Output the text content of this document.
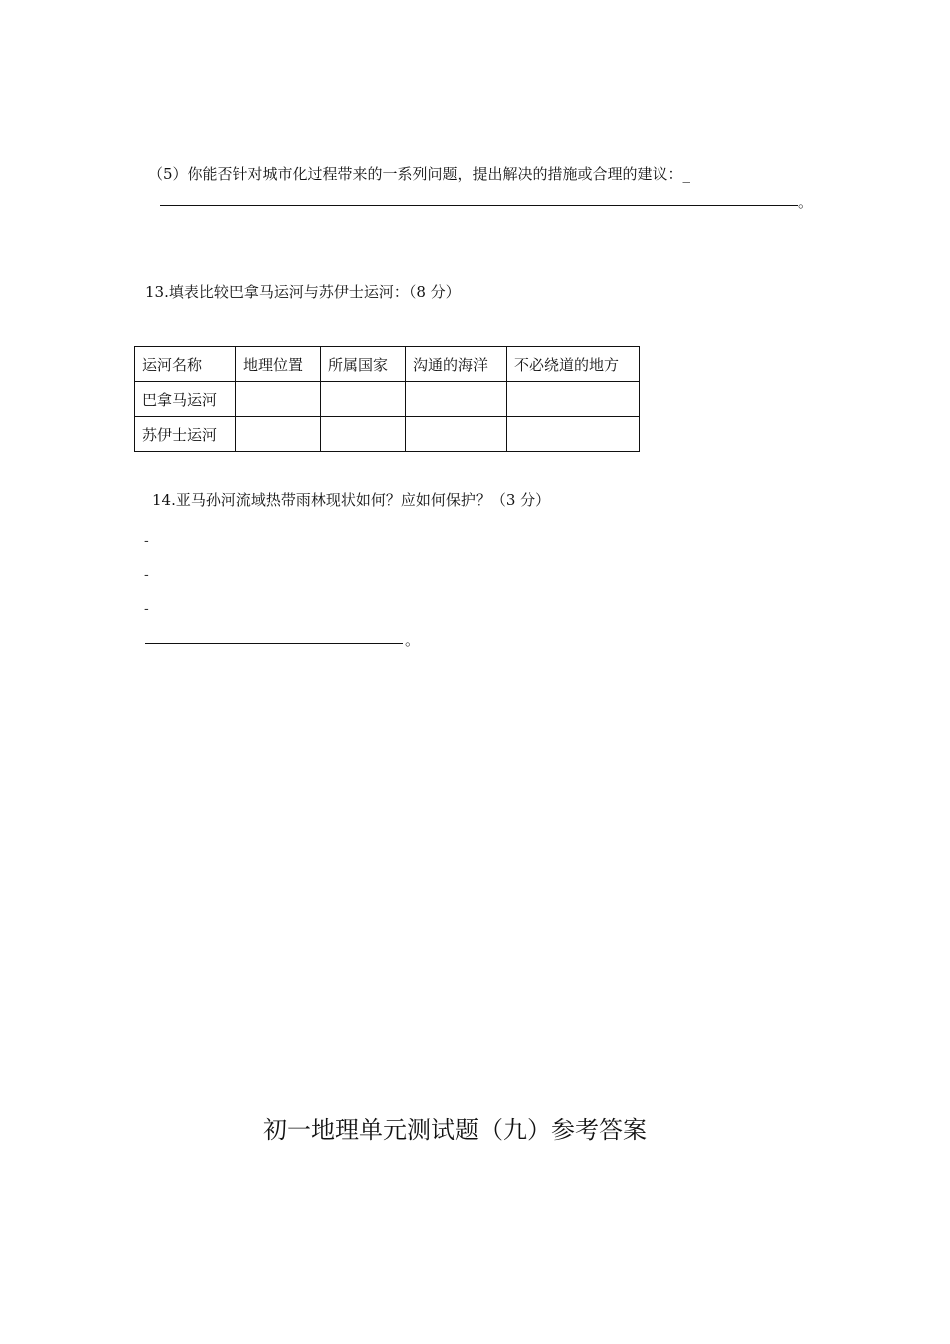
（5）你能否针对城市化过程带来的一系列问题，提出解决的措施或合理的建议：_
。
13.填表比较巴拿马运河与苏伊士运河：（8 分）
运河名称	地理位置	所属国家	沟通的海洋	不必绕道的地方
巴拿马运河				
苏伊士运河				
14.亚马孙河流域热带雨林现状如何？应如何保护？（3 分）
-
-
-
。
初一地理单元测试题（九）参考答案
